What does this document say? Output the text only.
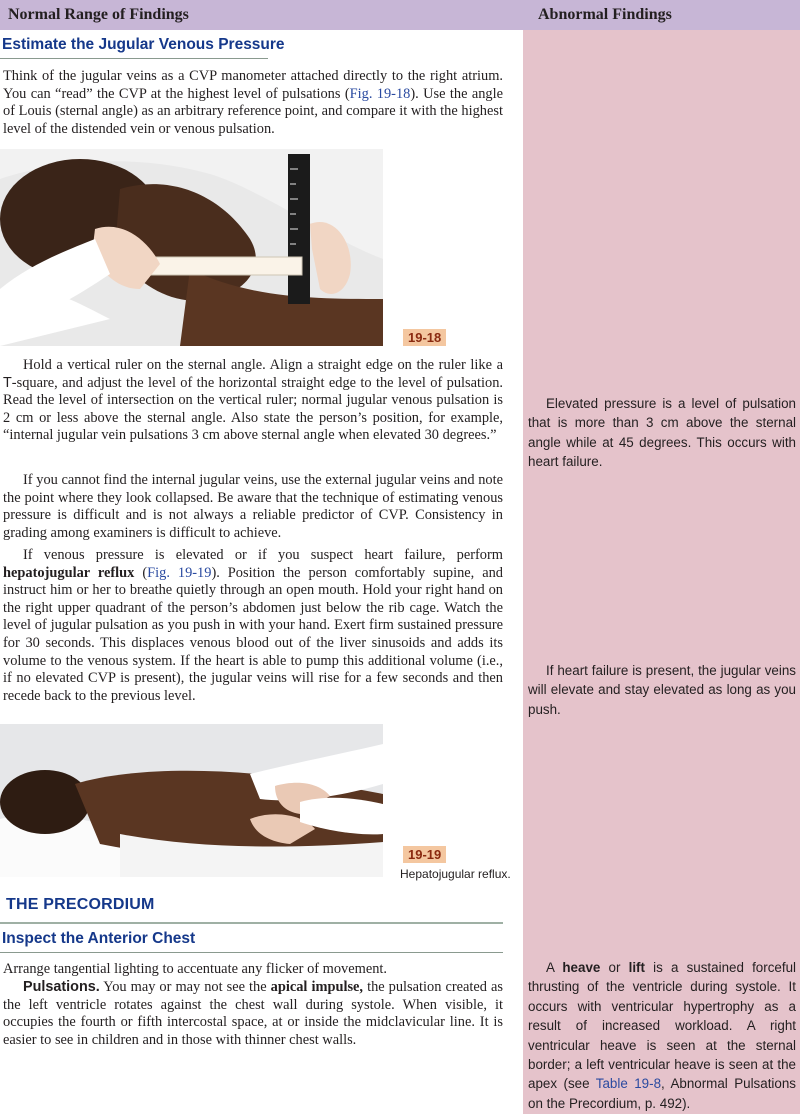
Normal Range of Findings	Abnormal Findings
Estimate the Jugular Venous Pressure

Think of the jugular veins as a CVP manometer attached directly to the right atrium. You can “read” the CVP at the highest level of pulsations (Fig. 19-18). Use the angle of Louis (sternal angle) as an arbitrary reference point, and compare it with the highest level of the distended vein or venous pulsation.

19-18

Hold a vertical ruler on the sternal angle. Align a straight edge on the ruler like a T-square, and adjust the level of the horizontal straight edge to the level of pulsation. Read the level of intersection on the vertical ruler; normal jugular venous pulsation is 2 cm or less above the sternal angle. Also state the person’s position, for example, “internal jugular vein pulsations 3 cm above sternal angle when elevated 30 degrees.”

If you cannot find the internal jugular veins, use the external jugular veins and note the point where they look collapsed. Be aware that the technique of estimating venous pressure is difficult and is not always a reliable predictor of CVP. Consistency in grading among examiners is difficult to achieve.

If venous pressure is elevated or if you suspect heart failure, perform hepatojugular reflux (Fig. 19-19). Position the person comfortably supine, and instruct him or her to breathe quietly through an open mouth. Hold your right hand on the right upper quadrant of the person’s abdomen just below the rib cage. Watch the level of jugular pulsation as you push in with your hand. Exert firm sustained pressure for 30 seconds. This displaces venous blood out of the liver sinusoids and adds its volume to the venous system. If the heart is able to pump this additional volume (i.e., if no elevated CVP is present), the jugular veins will rise for a few seconds and then recede back to the previous level.

19-19
Hepatojugular reflux.
THE PRECORDIUM
Inspect the Anterior Chest

Arrange tangential lighting to accentuate any flicker of movement.

Pulsations. You may or may not see the apical impulse, the pulsation created as the left ventricle rotates against the chest wall during systole. When visible, it occupies the fourth or fifth intercostal space, at or inside the midclavicular line. It is easier to see in children and in those with thinner chest walls.

Elevated pressure is a level of pulsation that is more than 3 cm above the sternal angle while at 45 degrees. This occurs with heart failure.

If heart failure is present, the jugular veins will elevate and stay elevated as long as you push.

A heave or lift is a sustained forceful thrusting of the ventricle during systole. It occurs with ventricular hypertrophy as a result of increased workload. A right ventricular heave is seen at the sternal border; a left ventricular heave is seen at the apex (see Table 19-8, Abnormal Pulsations on the Precordium, p. 492).
